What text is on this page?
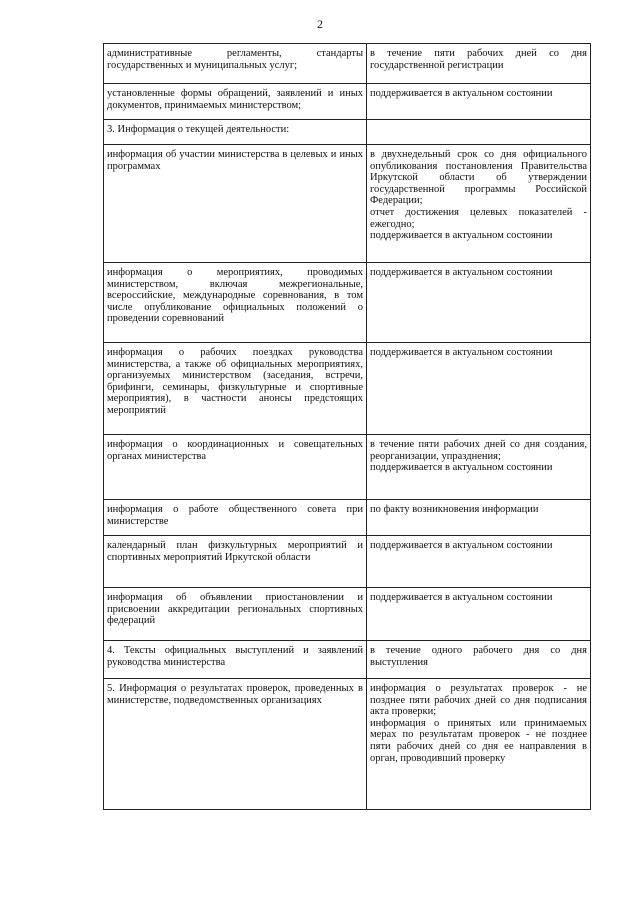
2
административные регламенты, стандарты государственных и муниципальных услуг;	в течение пяти рабочих дней со дня государственной регистрации

установленные формы обращений, заявлений и иных документов, принимаемых министерством;	поддерживается в актуальном состоянии

3. Информация о текущей деятельности:	

информация об участии министерства в целевых и иных программах	в двухнедельный срок со дня официального опубликования постановления Правительства Иркутской области об утверждении государственной программы Российской Федерации;
отчет достижения целевых показателей - ежегодно;
поддерживается в актуальном состоянии

информация о мероприятиях, проводимых министерством, включая межрегиональные, всероссийские, международные соревнования, в том числе опубликование официальных положений о проведении соревнований	поддерживается в актуальном состоянии

информация о рабочих поездках руководства министерства, а также об официальных мероприятиях, организуемых министерством (заседания, встречи, брифинги, семинары, физкультурные и спортивные мероприятия), в частности анонсы предстоящих мероприятий	поддерживается в актуальном состоянии

информация о координационных и совещательных органах министерства	в течение пяти рабочих дней со дня создания, реорганизации, упразднения;
поддерживается в актуальном состоянии

информация о работе общественного совета при министерстве	по факту возникновения информации

календарный план физкультурных мероприятий и спортивных мероприятий Иркутской области	поддерживается в актуальном состоянии

информация об объявлении приостановлении и присвоении аккредитации региональных спортивных федераций	поддерживается в актуальном состоянии

4. Тексты официальных выступлений и заявлений руководства министерства	в течение одного рабочего дня со дня выступления

5. Информация о результатах проверок, проведенных в министерстве, подведомственных организациях	информация о результатах проверок - не позднее пяти рабочих дней со дня подписания акта проверки;
информация о принятых или принимаемых мерах по результатам проверок - не позднее пяти рабочих дней со дня ее направления в орган, проводивший проверку
